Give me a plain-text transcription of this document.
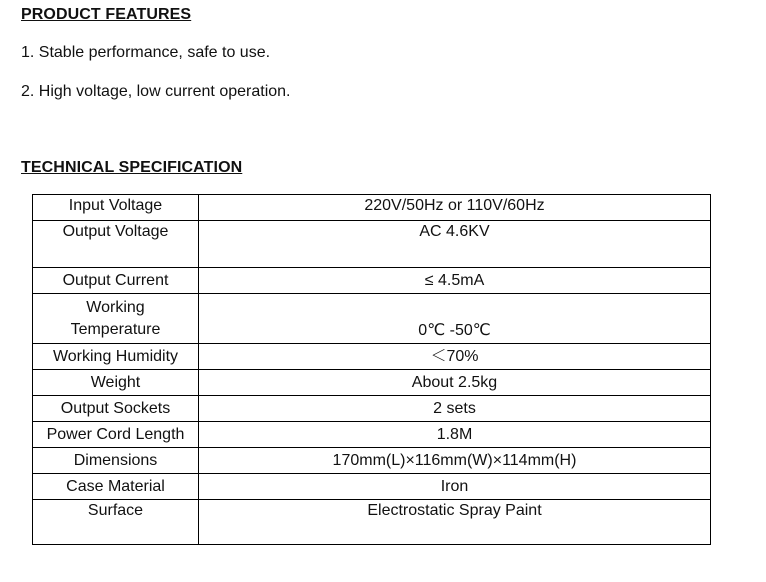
PRODUCT FEATURES
1. Stable performance, safe to use.
2. High voltage, low current operation.
TECHNICAL SPECIFICATION
Input Voltage	220V/50Hz or 110V/60Hz
Output Voltage	AC 4.6KV
Output Current	≤ 4.5mA

Working
Temperature	0℃ -50℃
Working Humidity	＜70%
Weight	About 2.5kg
Output Sockets	2 sets
Power Cord Length	1.8M
Dimensions	170mm(L)×116mm(W)×114mm(H)
Case Material	Iron
Surface	Electrostatic Spray Paint
